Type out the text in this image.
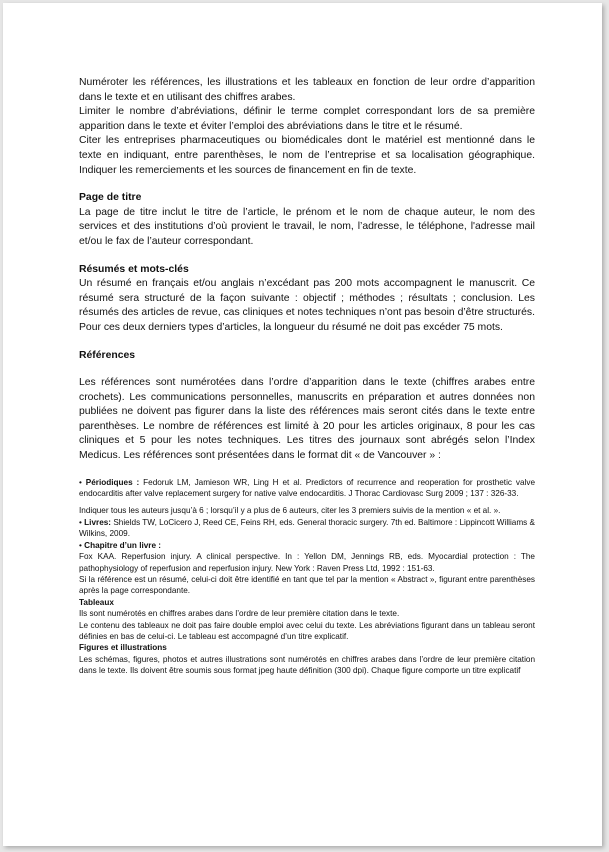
Numéroter les références, les illustrations et les tableaux en fonction de leur ordre d’apparition dans le texte et en utilisant des chiffres arabes.

Limiter le nombre d’abréviations, définir le terme complet correspondant lors de sa première apparition dans le texte et éviter l’emploi des abréviations dans le titre et le résumé.

Citer les entreprises pharmaceutiques ou biomédicales dont le matériel est mentionné dans le texte en indiquant, entre parenthèses, le nom de l’entreprise et sa localisation géographique. Indiquer les remerciements et les sources de financement en fin de texte.

Page de titre

La page de titre inclut le titre de l’article, le prénom et le nom de chaque auteur, le nom des services et des institutions d’où provient le travail, le nom, l’adresse, le téléphone, l'adresse mail et/ou le fax de l’auteur correspondant.

Résumés et mots-clés

Un résumé en français et/ou anglais n’excédant pas 200 mots accompagnent le manuscrit. Ce résumé sera structuré de la façon suivante : objectif ; méthodes ; résultats ; conclusion. Les résumés des articles de revue, cas cliniques et notes techniques n’ont pas besoin d’être structurés. Pour ces deux derniers types d’articles, la longueur du résumé ne doit pas excéder 75 mots.

Références

Les références sont numérotées dans l’ordre d’apparition dans le texte (chiffres arabes entre crochets). Les communications personnelles, manuscrits en préparation et autres données non publiées ne doivent pas figurer dans la liste des références mais seront cités dans le texte entre parenthèses. Le nombre de références est limité à 20 pour les articles originaux, 8 pour les cas cliniques et 5 pour les notes techniques. Les titres des journaux sont abrégés selon l’Index Medicus. Les références sont présentées dans le format dit « de Vancouver » :

• Périodiques : Fedoruk LM, Jamieson WR, Ling H et al. Predictors of recurrence and reoperation for prosthetic valve endocarditis after valve replacement surgery for native valve endocarditis. J Thorac Cardiovasc Surg 2009 ; 137 : 326-33.

Indiquer tous les auteurs jusqu’à 6 ; lorsqu’il y a plus de 6 auteurs, citer les 3 premiers suivis de la mention « et al. ».

• Livres: Shields TW, LoCicero J, Reed CE, Feins RH, eds. General thoracic surgery. 7th ed. Baltimore : Lippincott Williams & Wilkins, 2009.

• Chapitre d’un livre :

Fox KAA. Reperfusion injury. A clinical perspective. In : Yellon DM, Jennings RB, eds. Myocardial protection : The pathophysiology of reperfusion and reperfusion injury. New York : Raven Press Ltd, 1992 : 151-63.

Si la référence est un résumé, celui-ci doit être identifié en tant que tel par la mention « Abstract », figurant entre parenthèses après la page correspondante.

Tableaux

Ils sont numérotés en chiffres arabes dans l’ordre de leur première citation dans le texte.

Le contenu des tableaux ne doit pas faire double emploi avec celui du texte. Les abréviations figurant dans un tableau seront définies en bas de celui-ci. Le tableau est accompagné d’un titre explicatif.

Figures et illustrations

Les schémas, figures, photos et autres illustrations sont numérotés en chiffres arabes dans l’ordre de leur première citation dans le texte. Ils doivent être soumis sous format jpeg haute définition (300 dpi). Chaque figure comporte un titre explicatif
